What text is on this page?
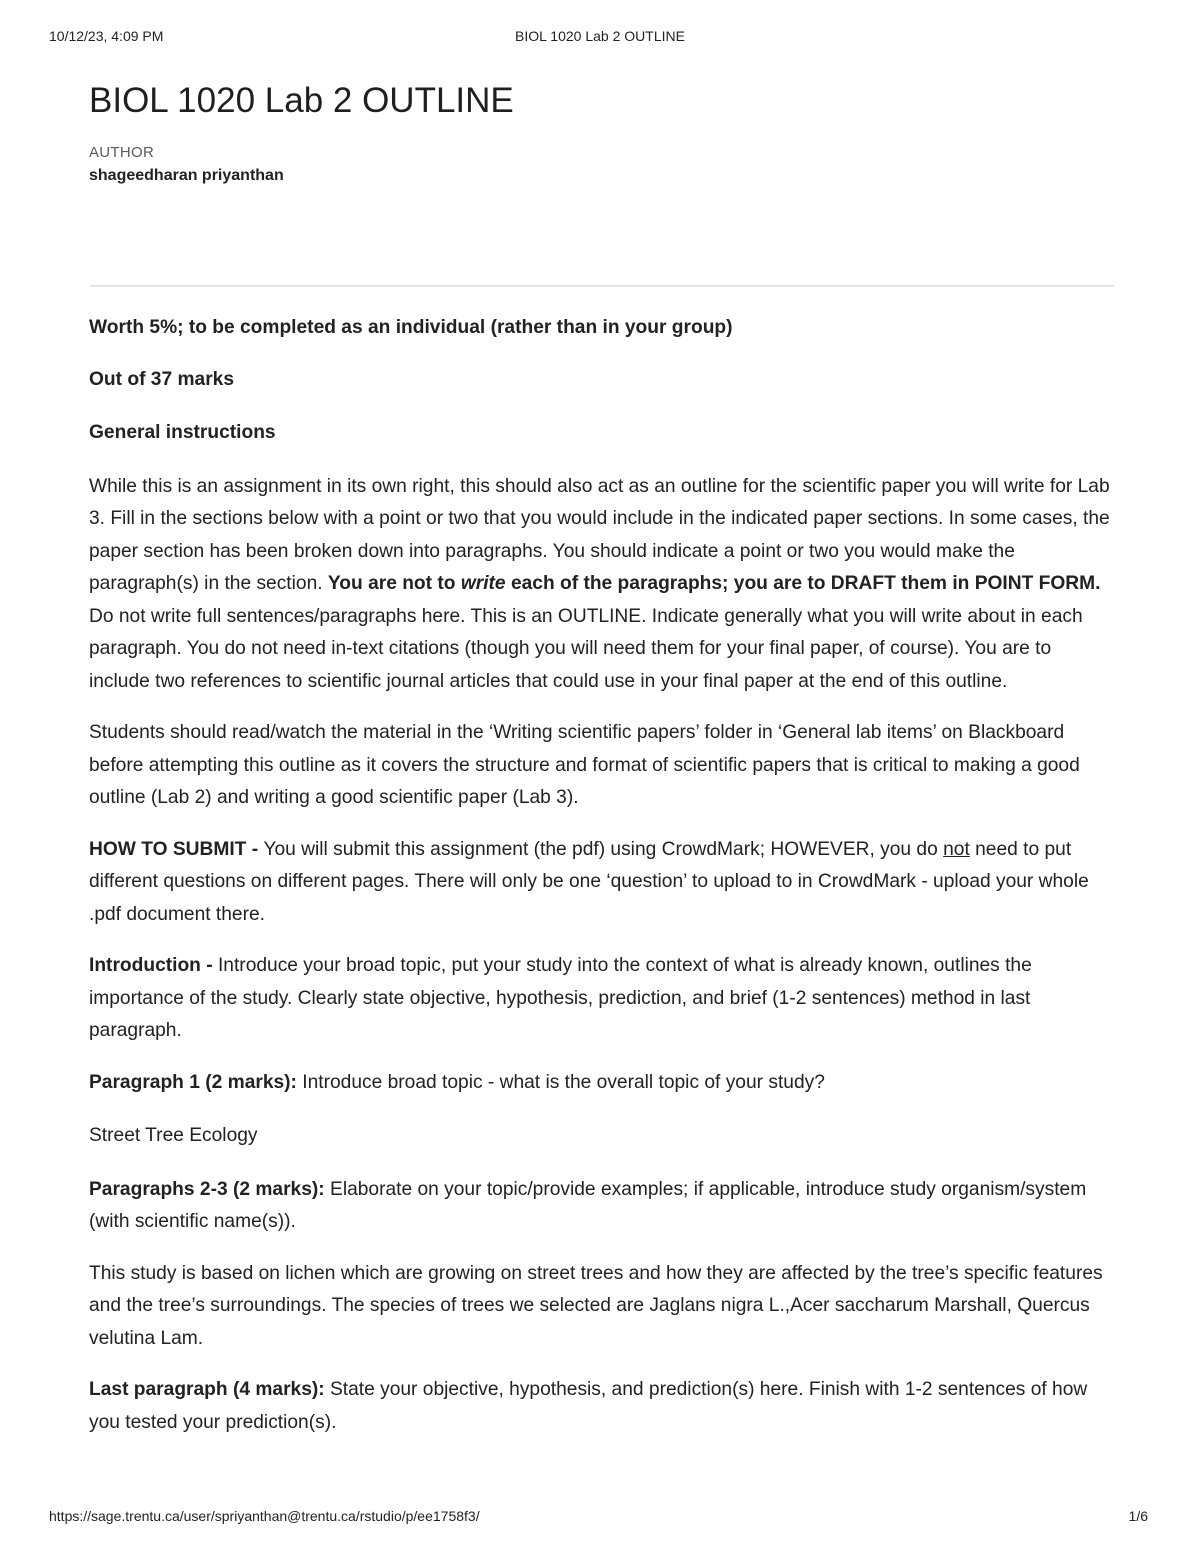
10/12/23, 4:09 PM	BIOL 1020 Lab 2 OUTLINE
BIOL 1020 Lab 2 OUTLINE
AUTHOR
shageedharan priyanthan

Worth 5%; to be completed as an individual (rather than in your group)

Out of 37 marks

General instructions

While this is an assignment in its own right, this should also act as an outline for the scientific paper you will write for Lab 3. Fill in the sections below with a point or two that you would include in the indicated paper sections. In some cases, the paper section has been broken down into paragraphs. You should indicate a point or two you would make the paragraph(s) in the section. You are not to write each of the paragraphs; you are to DRAFT them in POINT FORM. Do not write full sentences/paragraphs here. This is an OUTLINE. Indicate generally what you will write about in each paragraph. You do not need in-text citations (though you will need them for your final paper, of course). You are to include two references to scientific journal articles that could use in your final paper at the end of this outline.

Students should read/watch the material in the ‘Writing scientific papers’ folder in ‘General lab items’ on Blackboard before attempting this outline as it covers the structure and format of scientific papers that is critical to making a good outline (Lab 2) and writing a good scientific paper (Lab 3).

HOW TO SUBMIT - You will submit this assignment (the pdf) using CrowdMark; HOWEVER, you do not need to put different questions on different pages. There will only be one ‘question’ to upload to in CrowdMark - upload your whole .pdf document there.

Introduction - Introduce your broad topic, put your study into the context of what is already known, outlines the importance of the study. Clearly state objective, hypothesis, prediction, and brief (1-2 sentences) method in last paragraph.

Paragraph 1 (2 marks): Introduce broad topic - what is the overall topic of your study?

Street Tree Ecology

Paragraphs 2-3 (2 marks): Elaborate on your topic/provide examples; if applicable, introduce study organism/system (with scientific name(s)).

This study is based on lichen which are growing on street trees and how they are affected by the tree’s specific features and the tree’s surroundings. The species of trees we selected are Jaglans nigra L.,Acer saccharum Marshall, Quercus velutina Lam.

Last paragraph (4 marks): State your objective, hypothesis, and prediction(s) here. Finish with 1-2 sentences of how you tested your prediction(s).

https://sage.trentu.ca/user/spriyanthan@trentu.ca/rstudio/p/ee1758f3/	1/6
